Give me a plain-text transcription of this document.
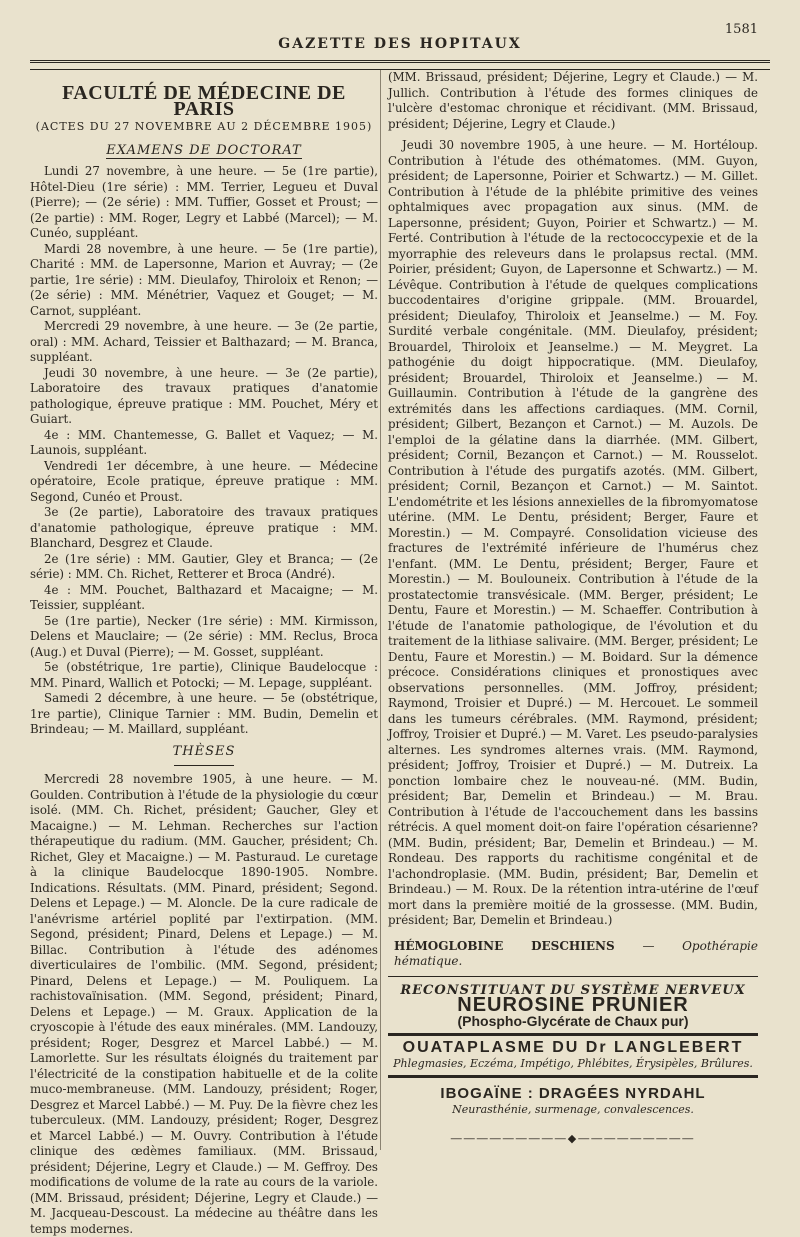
1581
GAZETTE DES HOPITAUX
FACULTÉ DE MÉDECINE DE PARIS
(ACTES DU 27 NOVEMBRE AU 2 DÉCEMBRE 1905)
EXAMENS DE DOCTORAT

Lundi 27 novembre, à une heure. — 5e (1re partie), Hôtel-Dieu (1re série) : MM. Terrier, Legueu et Duval (Pierre); — (2e série) : MM. Tuffier, Gosset et Proust; — (2e partie) : MM. Roger, Legry et Labbé (Marcel); — M. Cunéo, suppléant.

Mardi 28 novembre, à une heure. — 5e (1re partie), Charité : MM. de Lapersonne, Marion et Auvray; — (2e partie, 1re série) : MM. Dieulafoy, Thiroloix et Renon; — (2e série) : MM. Ménétrier, Vaquez et Gouget; — M. Carnot, suppléant.

Mercredi 29 novembre, à une heure. — 3e (2e partie, oral) : MM. Achard, Teissier et Balthazard; — M. Branca, suppléant.

Jeudi 30 novembre, à une heure. — 3e (2e partie), Laboratoire des travaux pratiques d'anatomie pathologique, épreuve pratique : MM. Pouchet, Méry et Guiart.

4e : MM. Chantemesse, G. Ballet et Vaquez; — M. Launois, suppléant.

Vendredi 1er décembre, à une heure. — Médecine opératoire, Ecole pratique, épreuve pratique : MM. Segond, Cunéo et Proust.

3e (2e partie), Laboratoire des travaux pratiques d'anatomie pathologique, épreuve pratique : MM. Blanchard, Desgrez et Claude.

2e (1re série) : MM. Gautier, Gley et Branca; — (2e série) : MM. Ch. Richet, Retterer et Broca (André).

4e : MM. Pouchet, Balthazard et Macaigne; — M. Teissier, suppléant.

5e (1re partie), Necker (1re série) : MM. Kirmisson, Delens et Mauclaire; — (2e série) : MM. Reclus, Broca (Aug.) et Duval (Pierre); — M. Gosset, suppléant.

5e (obstétrique, 1re partie), Clinique Baudelocque : MM. Pinard, Wallich et Potocki; — M. Lepage, suppléant.

Samedi 2 décembre, à une heure. — 5e (obstétrique, 1re partie), Clinique Tarnier : MM. Budin, Demelin et Brindeau; — M. Maillard, suppléant.

THÈSES

Mercredi 28 novembre 1905, à une heure. — M. Goulden. Contribution à l'étude de la physiologie du cœur isolé. (MM. Ch. Richet, président; Gaucher, Gley et Macaigne.) — M. Lehman. Recherches sur l'action thérapeutique du radium. (MM. Gaucher, président; Ch. Richet, Gley et Macaigne.) — M. Pasturaud. Le curetage à la clinique Baudelocque 1890-1905. Nombre. Indications. Résultats. (MM. Pinard, président; Segond. Delens et Lepage.) — M. Aloncle. De la cure radicale de l'anévrisme artériel poplité par l'extirpation. (MM. Segond, président; Pinard, Delens et Lepage.) — M. Billac. Contribution à l'étude des adénomes diverticulaires de l'ombilic. (MM. Segond, président; Pinard, Delens et Lepage.) — M. Pouliquem. La rachistovaïnisation. (MM. Segond, président; Pinard, Delens et Lepage.) — M. Graux. Application de la cryoscopie à l'étude des eaux minérales. (MM. Landouzy, président; Roger, Desgrez et Marcel Labbé.) — M. Lamorlette. Sur les résultats éloignés du traitement par l'électricité de la constipation habituelle et de la colite muco-membraneuse. (MM. Landouzy, président; Roger, Desgrez et Marcel Labbé.) — M. Puy. De la fièvre chez les tuberculeux. (MM. Landouzy, président; Roger, Desgrez et Marcel Labbé.) — M. Ouvry. Contribution à l'étude clinique des œdèmes familiaux. (MM. Brissaud, président; Déjerine, Legry et Claude.) — M. Geffroy. Des modifications de volume de la rate au cours de la variole. (MM. Brissaud, président; Déjerine, Legry et Claude.) — M. Jacqueau-Descoust. La médecine au théâtre dans les temps modernes.

(MM. Brissaud, président; Déjerine, Legry et Claude.) — M. Jullich. Contribution à l'étude des formes cliniques de l'ulcère d'estomac chronique et récidivant. (MM. Brissaud, président; Déjerine, Legry et Claude.)

Jeudi 30 novembre 1905, à une heure. — M. Hortéloup. Contribution à l'étude des othématomes. (MM. Guyon, président; de Lapersonne, Poirier et Schwartz.) — M. Gillet. Contribution à l'étude de la phlébite primitive des veines ophtalmiques avec propagation aux sinus. (MM. de Lapersonne, président; Guyon, Poirier et Schwartz.) — M. Ferté. Contribution à l'étude de la rectococcypexie et de la myorraphie des releveurs dans le prolapsus rectal. (MM. Poirier, président; Guyon, de Lapersonne et Schwartz.) — M. Lévêque. Contribution à l'étude de quelques complications buccodentaires d'origine grippale. (MM. Brouardel, président; Dieulafoy, Thiroloix et Jeanselme.) — M. Foy. Surdité verbale congénitale. (MM. Dieulafoy, président; Brouardel, Thiroloix et Jeanselme.) — M. Meygret. La pathogénie du doigt hippocratique. (MM. Dieulafoy, président; Brouardel, Thiroloix et Jeanselme.) — M. Guillaumin. Contribution à l'étude de la gangrène des extrémités dans les affections cardiaques. (MM. Cornil, président; Gilbert, Bezançon et Carnot.) — M. Auzols. De l'emploi de la gélatine dans la diarrhée. (MM. Gilbert, président; Cornil, Bezançon et Carnot.) — M. Rousselot. Contribution à l'étude des purgatifs azotés. (MM. Gilbert, président; Cornil, Bezançon et Carnot.) — M. Saintot. L'endométrite et les lésions annexielles de la fibromyomatose utérine. (MM. Le Dentu, président; Berger, Faure et Morestin.) — M. Compayré. Consolidation vicieuse des fractures de l'extrémité inférieure de l'humérus chez l'enfant. (MM. Le Dentu, président; Berger, Faure et Morestin.) — M. Boulouneix. Contribution à l'étude de la prostatectomie transvésicale. (MM. Berger, président; Le Dentu, Faure et Morestin.) — M. Schaeffer. Contribution à l'étude de l'anatomie pathologique, de l'évolution et du traitement de la lithiase salivaire. (MM. Berger, président; Le Dentu, Faure et Morestin.) — M. Boidard. Sur la démence précoce. Considérations cliniques et pronostiques avec observations personnelles. (MM. Joffroy, président; Raymond, Troisier et Dupré.) — M. Hercouet. Le sommeil dans les tumeurs cérébrales. (MM. Raymond, président; Joffroy, Troisier et Dupré.) — M. Varet. Les pseudo-paralysies alternes. Les syndromes alternes vrais. (MM. Raymond, président; Joffroy, Troisier et Dupré.) — M. Dutreix. La ponction lombaire chez le nouveau-né. (MM. Budin, président; Bar, Demelin et Brindeau.) — M. Brau. Contribution à l'étude de l'accouchement dans les bassins rétrécis. A quel moment doit-on faire l'opération césarienne? (MM. Budin, président; Bar, Demelin et Brindeau.) — M. Rondeau. Des rapports du rachitisme congénital et de l'achondroplasie. (MM. Budin, président; Bar, Demelin et Brindeau.) — M. Roux. De la rétention intra-utérine de l'œuf mort dans la première moitié de la grossesse. (MM. Budin, président; Bar, Demelin et Brindeau.)

HÉMOGLOBINE DESCHIENS — Opothérapie hématique.
RECONSTITUANT DU SYSTÈME NERVEUX
NEUROSINE PRUNIER
(Phospho-Glycérate de Chaux pur)
OUATAPLASME DU Dr LANGLEBERT
Phlegmasies, Eczéma, Impétigo, Phlébites, Érysipèles, Brûlures.
IBOGAÏNE : DRAGÉES NYRDAHL
Neurasthénie, surmenage, convalescences.
―――――――――◆―――――――――
